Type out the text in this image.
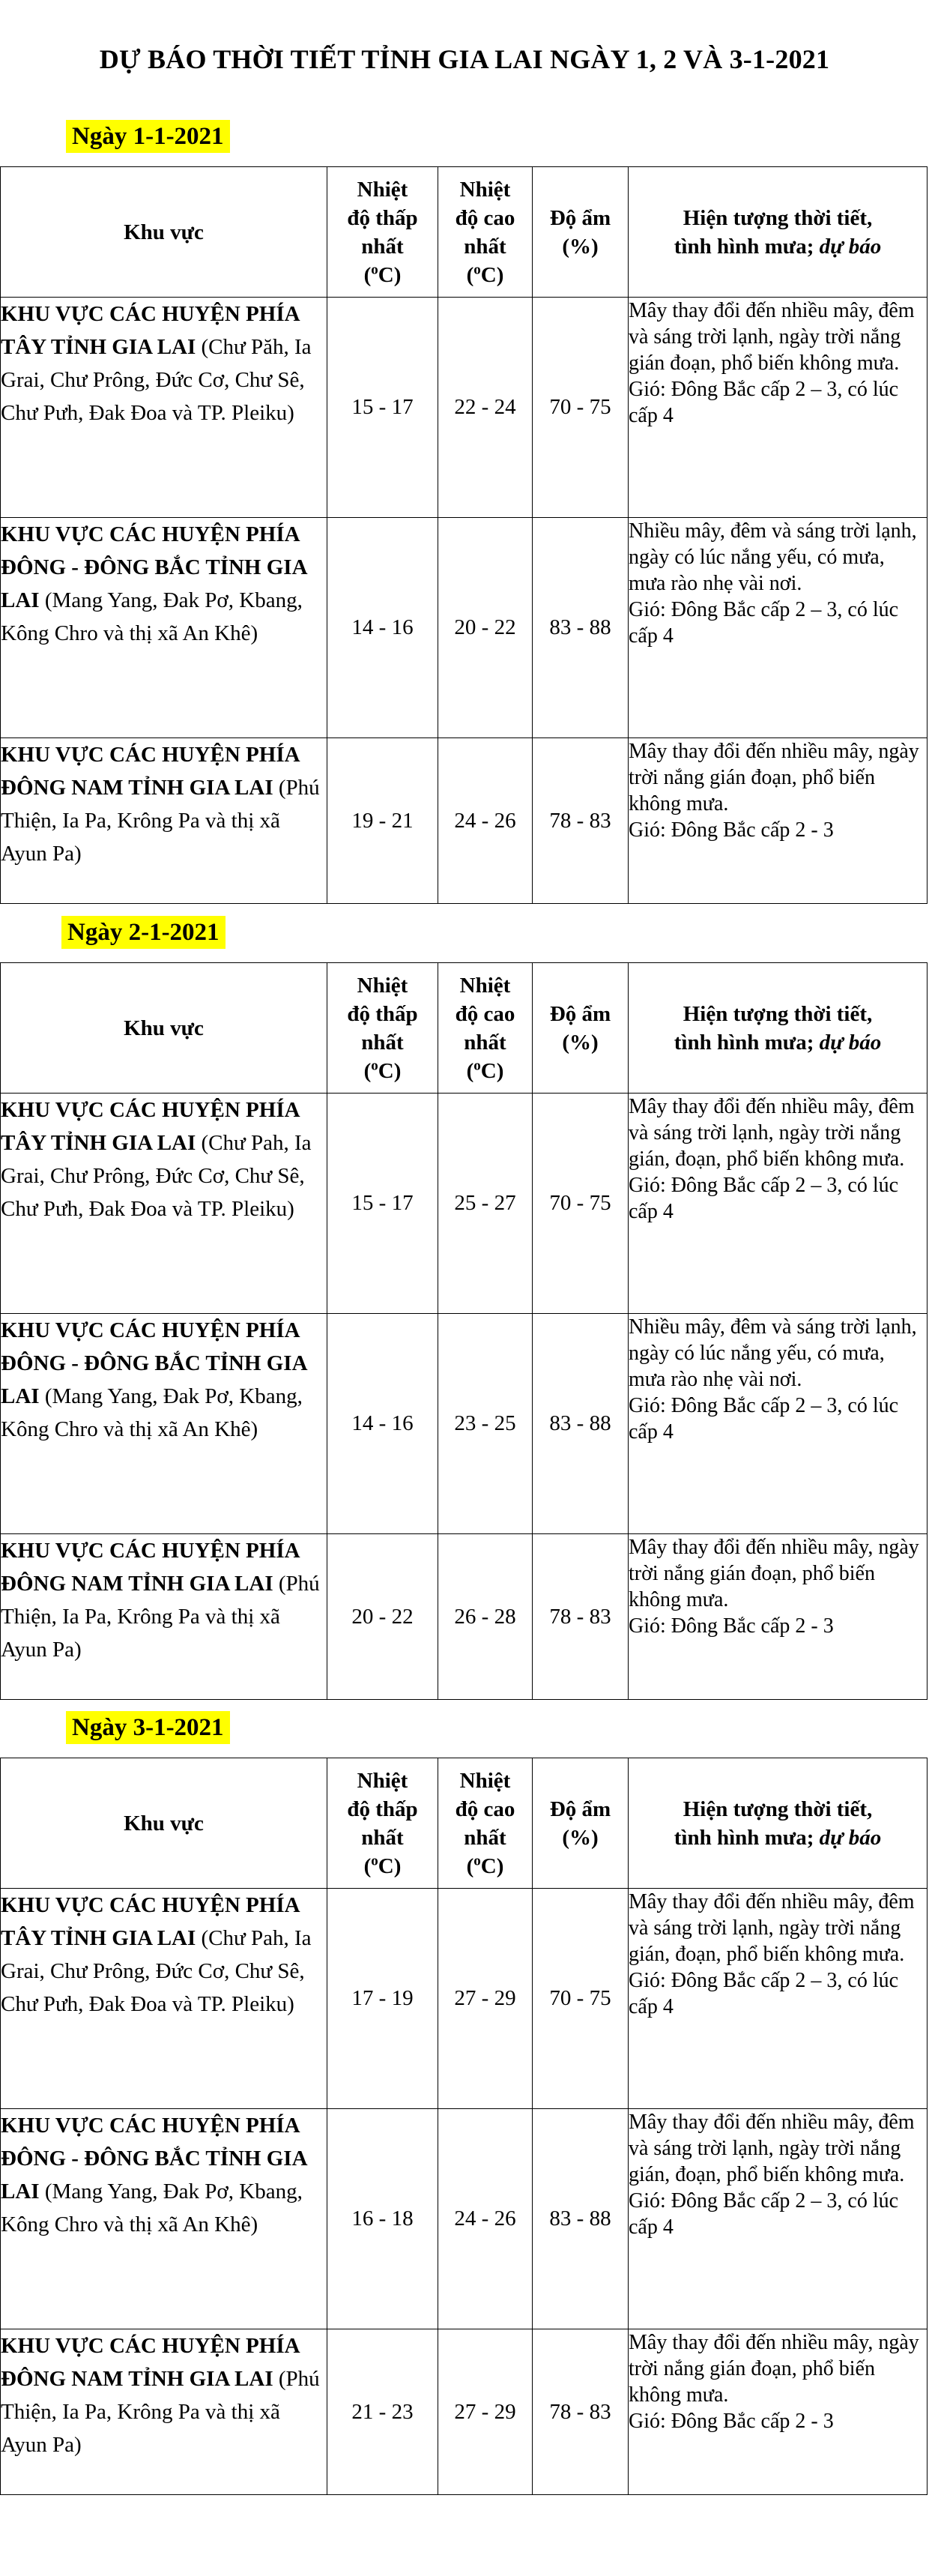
DỰ BÁO THỜI TIẾT TỈNH GIA LAI NGÀY 1, 2 VÀ 3-1-2021
Ngày 1-1-2021
Khu vực	Nhiệt
độ thấp
nhất
($^o$C)	Nhiệt
độ cao
nhất
($^o$C)	Độ ẩm
(%)	Hiện tượng thời tiết,
tình hình mưa; dự báo
KHU VỰC CÁC HUYỆN PHÍA TÂY TỈNH GIA LAI (Chư Păh, Ia Grai, Chư Prông, Đức Cơ, Chư Sê, Chư Pưh, Đak Đoa và TP. Pleiku)	15 - 17	22 - 24	70 - 75	Mây thay đổi đến nhiều mây, đêm và sáng trời lạnh, ngày trời nắng gián đoạn, phổ biến không mưa.
Gió: Đông Bắc cấp 2 – 3, có lúc cấp 4

KHU VỰC CÁC HUYỆN PHÍA ĐÔNG - ĐÔNG BẮC TỈNH GIA LAI (Mang Yang, Đak Pơ, Kbang, Kông Chro và thị xã An Khê)	14 - 16	20 - 22	83 - 88	Nhiều mây, đêm và sáng trời lạnh, ngày có lúc nắng yếu, có mưa, mưa rào nhẹ vài nơi.
Gió: Đông Bắc cấp 2 – 3, có lúc cấp 4

KHU VỰC CÁC HUYỆN PHÍA ĐÔNG NAM TỈNH GIA LAI (Phú Thiện, Ia Pa, Krông Pa và thị xã Ayun Pa)	19 - 21	24 - 26	78 - 83	Mây thay đổi đến nhiều mây, ngày trời nắng gián đoạn, phổ biến không mưa.
Gió: Đông Bắc cấp 2 - 3
Ngày 2-1-2021
Khu vực	Nhiệt
độ thấp
nhất
($^o$C)	Nhiệt
độ cao
nhất
($^o$C)	Độ ẩm
(%)	Hiện tượng thời tiết,
tình hình mưa; dự báo
KHU VỰC CÁC HUYỆN PHÍA TÂY TỈNH GIA LAI (Chư Pah, Ia Grai, Chư Prông, Đức Cơ, Chư Sê, Chư Pưh, Đak Đoa và TP. Pleiku)	15 - 17	25 - 27	70 - 75	Mây thay đổi đến nhiều mây, đêm và sáng trời lạnh, ngày trời nắng gián, đoạn, phổ biến không mưa.
Gió: Đông Bắc cấp 2 – 3, có lúc cấp 4

KHU VỰC CÁC HUYỆN PHÍA ĐÔNG - ĐÔNG BẮC TỈNH GIA LAI (Mang Yang, Đak Pơ, Kbang, Kông Chro và thị xã An Khê)	14 - 16	23 - 25	83 - 88	Nhiều mây, đêm và sáng trời lạnh, ngày có lúc nắng yếu, có mưa, mưa rào nhẹ vài nơi.
Gió: Đông Bắc cấp 2 – 3, có lúc cấp 4

KHU VỰC CÁC HUYỆN PHÍA ĐÔNG NAM TỈNH GIA LAI (Phú Thiện, Ia Pa, Krông Pa và thị xã Ayun Pa)	20 - 22	26 - 28	78 - 83	Mây thay đổi đến nhiều mây, ngày trời nắng gián đoạn, phổ biến không mưa.
Gió: Đông Bắc cấp 2 - 3
Ngày 3-1-2021
Khu vực	Nhiệt
độ thấp
nhất
($^o$C)	Nhiệt
độ cao
nhất
($^o$C)	Độ ẩm
(%)	Hiện tượng thời tiết,
tình hình mưa; dự báo
KHU VỰC CÁC HUYỆN PHÍA TÂY TỈNH GIA LAI (Chư Pah, Ia Grai, Chư Prông, Đức Cơ, Chư Sê, Chư Pưh, Đak Đoa và TP. Pleiku)	17 - 19	27 - 29	70 - 75	Mây thay đổi đến nhiều mây, đêm và sáng trời lạnh, ngày trời nắng gián, đoạn, phổ biến không mưa.
Gió: Đông Bắc cấp 2 – 3, có lúc cấp 4

KHU VỰC CÁC HUYỆN PHÍA ĐÔNG - ĐÔNG BẮC TỈNH GIA LAI (Mang Yang, Đak Pơ, Kbang, Kông Chro và thị xã An Khê)	16 - 18	24 - 26	83 - 88	Mây thay đổi đến nhiều mây, đêm và sáng trời lạnh, ngày trời nắng gián, đoạn, phổ biến không mưa.
Gió: Đông Bắc cấp 2 – 3, có lúc cấp 4

KHU VỰC CÁC HUYỆN PHÍA ĐÔNG NAM TỈNH GIA LAI (Phú Thiện, Ia Pa, Krông Pa và thị xã Ayun Pa)	21 - 23	27 - 29	78 - 83	Mây thay đổi đến nhiều mây, ngày trời nắng gián đoạn, phổ biến không mưa.
Gió: Đông Bắc cấp 2 - 3
